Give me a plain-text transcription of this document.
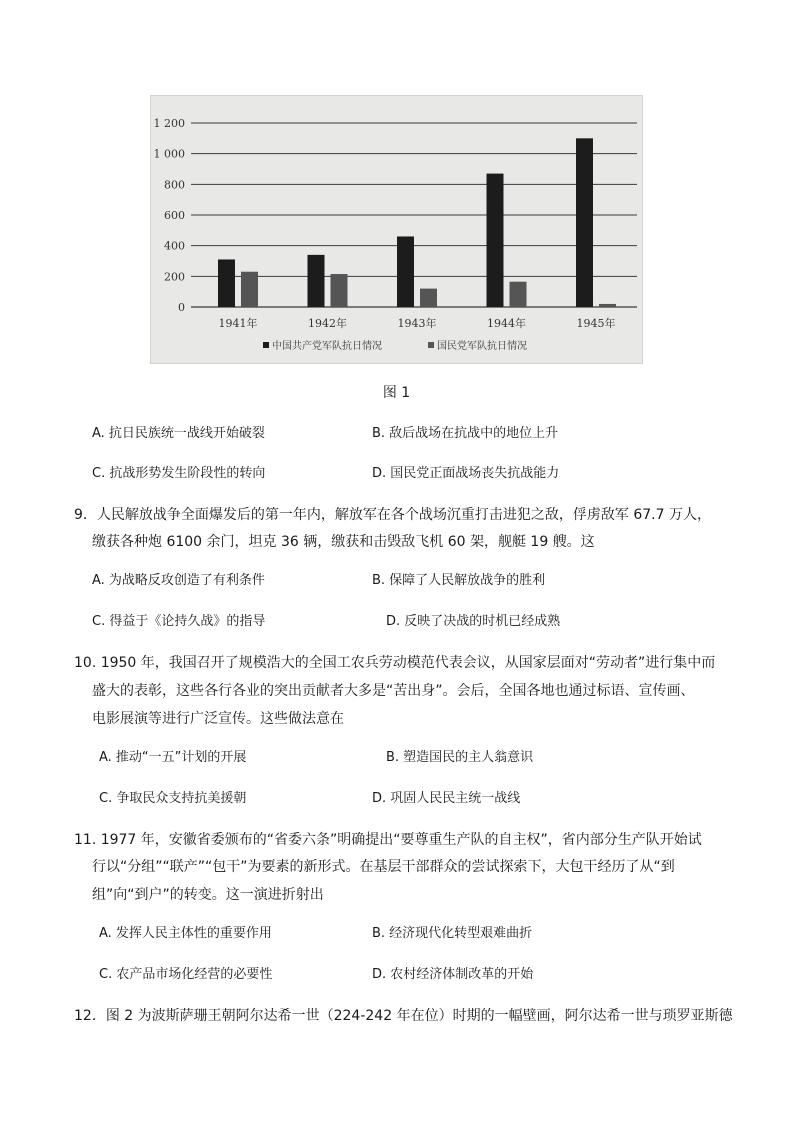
1 200
1 000
800
600
400
200
0
1941年	1942年	1943年	1944年	1945年
中国共产党军队抗日情况	国民党军队抗日情况
图 1
A. 抗日民族统一战线开始破裂	B. 敌后战场在抗战中的地位上升
C. 抗战形势发生阶段性的转向	D. 国民党正面战场丧失抗战能力
9．人民解放战争全面爆发后的第一年内，解放军在各个战场沉重打击进犯之敌，俘虏敌军 67.7 万人，
缴获各种炮 6100 余门，坦克 36 辆，缴获和击毁敌飞机 60 架，舰艇 19 艘。这
A. 为战略反攻创造了有利条件	B. 保障了人民解放战争的胜利
C. 得益于《论持久战》的指导	D. 反映了决战的时机已经成熟
10. 1950 年，我国召开了规模浩大的全国工农兵劳动模范代表会议，从国家层面对“劳动者”进行集中而
盛大的表彰，这些各行各业的突出贡献者大多是“苦出身”。会后，全国各地也通过标语、宣传画、
电影展演等进行广泛宣传。这些做法意在
A. 推动“一五”计划的开展	B. 塑造国民的主人翁意识
C. 争取民众支持抗美援朝	D. 巩固人民民主统一战线
11. 1977 年，安徽省委颁布的“省委六条”明确提出“要尊重生产队的自主权”，省内部分生产队开始试
行以“分组”“联产”“包干”为要素的新形式。在基层干部群众的尝试探索下，大包干经历了从“到
组”向“到户”的转变。这一演进折射出
A. 发挥人民主体性的重要作用	B. 经济现代化转型艰难曲折
C. 农产品市场化经营的必要性	D. 农村经济体制改革的开始
12．图 2 为波斯萨珊王朝阿尔达希一世（224-242 年在位）时期的一幅壁画，阿尔达希一世与琐罗亚斯德
